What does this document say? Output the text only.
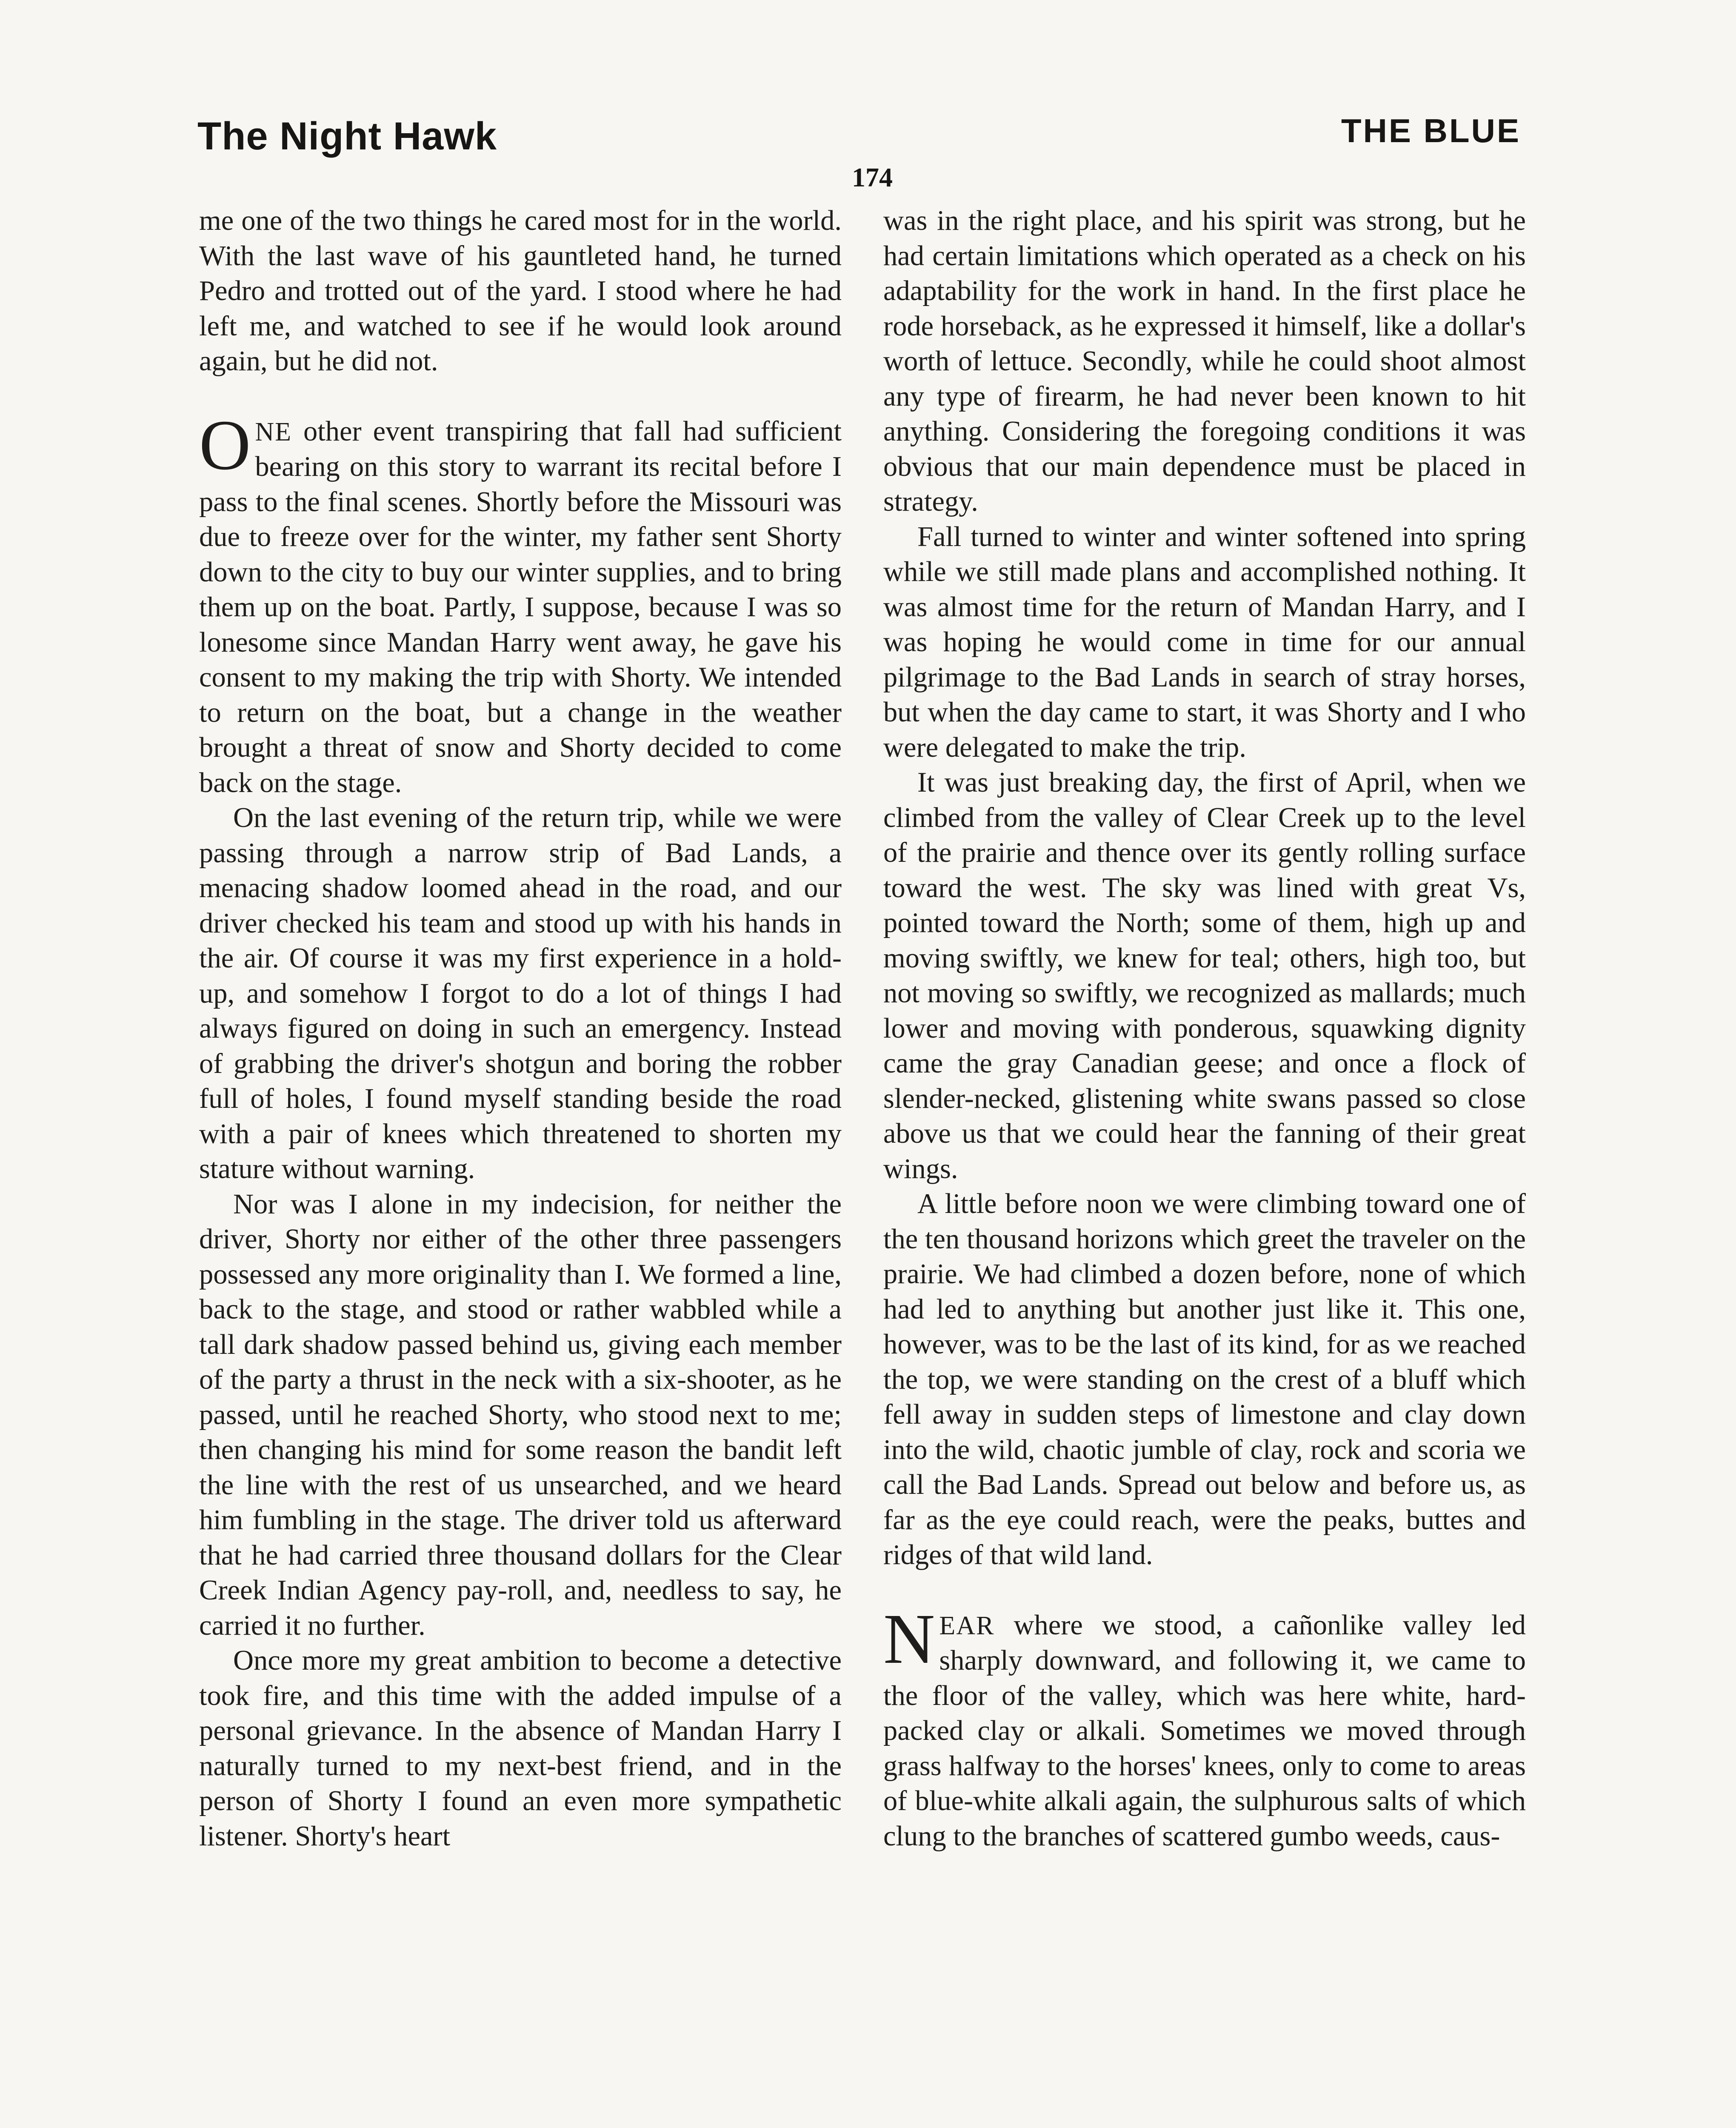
The Night Hawk	THE BLUE
174

me one of the two things he cared most for in the world. With the last wave of his gauntleted hand, he turned Pedro and trotted out of the yard. I stood where he had left me, and watched to see if he would look around again, but he did not.

ONE other event transpiring that fall had sufficient bearing on this story to warrant its recital before I pass to the final scenes. Shortly before the Missouri was due to freeze over for the winter, my father sent Shorty down to the city to buy our winter supplies, and to bring them up on the boat. Partly, I suppose, because I was so lonesome since Mandan Harry went away, he gave his consent to my making the trip with Shorty. We intended to return on the boat, but a change in the weather brought a threat of snow and Shorty decided to come back on the stage.

On the last evening of the return trip, while we were passing through a narrow strip of Bad Lands, a menacing shadow loomed ahead in the road, and our driver checked his team and stood up with his hands in the air. Of course it was my first experience in a hold-up, and somehow I forgot to do a lot of things I had always figured on doing in such an emergency. Instead of grabbing the driver's shotgun and boring the robber full of holes, I found myself standing beside the road with a pair of knees which threatened to shorten my stature without warning.

Nor was I alone in my indecision, for neither the driver, Shorty nor either of the other three passengers possessed any more originality than I. We formed a line, back to the stage, and stood or rather wabbled while a tall dark shadow passed behind us, giving each member of the party a thrust in the neck with a six-shooter, as he passed, until he reached Shorty, who stood next to me; then changing his mind for some reason the bandit left the line with the rest of us unsearched, and we heard him fumbling in the stage. The driver told us afterward that he had carried three thousand dollars for the Clear Creek Indian Agency pay-roll, and, needless to say, he carried it no further.

Once more my great ambition to become a detective took fire, and this time with the added impulse of a personal grievance. In the absence of Mandan Harry I naturally turned to my next-best friend, and in the person of Shorty I found an even more sympathetic listener. Shorty's heart

was in the right place, and his spirit was strong, but he had certain limitations which operated as a check on his adaptability for the work in hand. In the first place he rode horseback, as he expressed it himself, like a dollar's worth of lettuce. Secondly, while he could shoot almost any type of firearm, he had never been known to hit anything. Considering the foregoing conditions it was obvious that our main dependence must be placed in strategy.

Fall turned to winter and winter softened into spring while we still made plans and accomplished nothing. It was almost time for the return of Mandan Harry, and I was hoping he would come in time for our annual pilgrimage to the Bad Lands in search of stray horses, but when the day came to start, it was Shorty and I who were delegated to make the trip.

It was just breaking day, the first of April, when we climbed from the valley of Clear Creek up to the level of the prairie and thence over its gently rolling surface toward the west. The sky was lined with great Vs, pointed toward the North; some of them, high up and moving swiftly, we knew for teal; others, high too, but not moving so swiftly, we recognized as mallards; much lower and moving with ponderous, squawking dignity came the gray Canadian geese; and once a flock of slender-necked, glistening white swans passed so close above us that we could hear the fanning of their great wings.

A little before noon we were climbing toward one of the ten thousand horizons which greet the traveler on the prairie. We had climbed a dozen before, none of which had led to anything but another just like it. This one, however, was to be the last of its kind, for as we reached the top, we were standing on the crest of a bluff which fell away in sudden steps of limestone and clay down into the wild, chaotic jumble of clay, rock and scoria we call the Bad Lands. Spread out below and before us, as far as the eye could reach, were the peaks, buttes and ridges of that wild land.

NEAR where we stood, a cañonlike valley led sharply downward, and following it, we came to the floor of the valley, which was here white, hard-packed clay or alkali. Sometimes we moved through grass halfway to the horses' knees, only to come to areas of blue-white alkali again, the sulphurous salts of which clung to the branches of scattered gumbo weeds, caus-
